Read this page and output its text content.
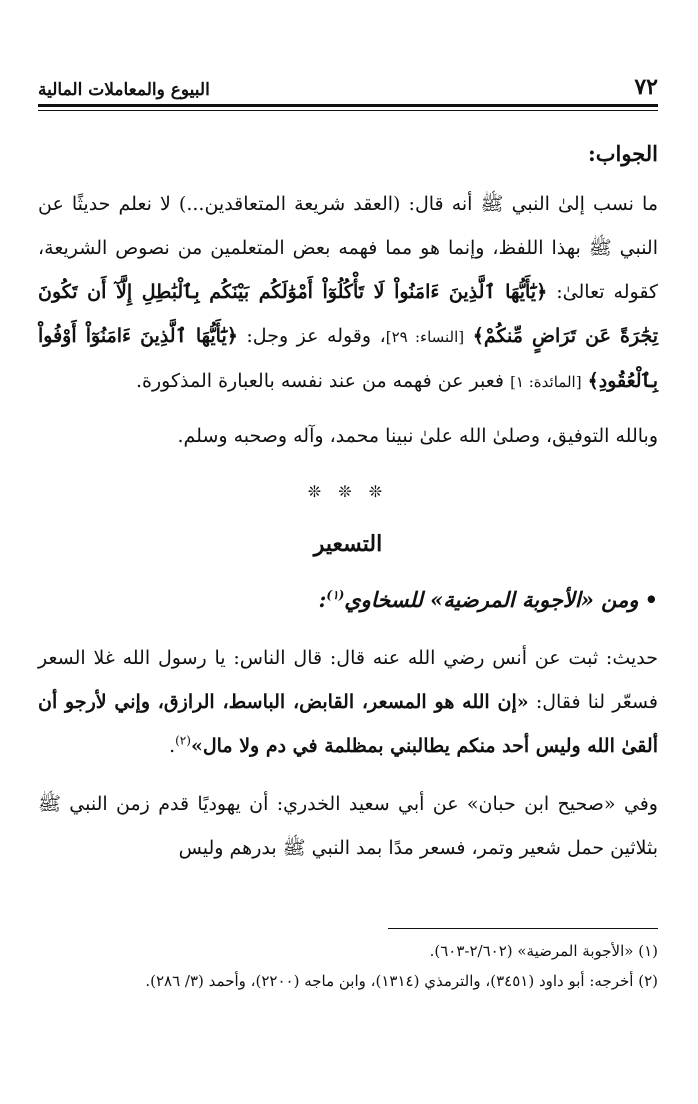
٧٢
البيوع والمعاملات المالية
الجواب:

ما نسب إلىٰ النبي ﷺ أنه قال: (العقد شريعة المتعاقدين...) لا نعلم حديثًا عن النبي ﷺ بهذا اللفظ، وإنما هو مما فهمه بعض المتعلمين من نصوص الشريعة، كقوله تعالىٰ: ﴿يَٰٓأَيُّهَا ٱلَّذِينَ ءَامَنُواْ لَا تَأْكُلُوٓاْ أَمْوَٰلَكُم بَيْنَكُم بِٱلْبَٰطِلِ إِلَّآ أَن تَكُونَ تِجَٰرَةً عَن تَرَاضٍ مِّنكُمْ﴾ [النساء: ٢٩]، وقوله عز وجل: ﴿يَٰٓأَيُّهَا ٱلَّذِينَ ءَامَنُوٓاْ أَوْفُواْ بِٱلْعُقُودِ﴾ [المائدة: ١] فعبر عن فهمه من عند نفسه بالعبارة المذكورة.

وبالله التوفيق، وصلىٰ الله علىٰ نبينا محمد، وآله وصحبه وسلم.

❊ ❊ ❊
التسعير
•ومن «الأجوبة المرضية» للسخاوي$^{(١)}$:

حديث: ثبت عن أنس رضي الله عنه قال: قال الناس: يا رسول الله غلا السعر فسعّر لنا فقال: «إن الله هو المسعر، القابض، الباسط، الرازق، وإني لأرجو أن ألقىٰ الله وليس أحد منكم يطالبني بمظلمة في دم ولا مال»$^{(٢)}$.

وفي «صحيح ابن حبان» عن أبي سعيد الخدري: أن يهوديًا قدم زمن النبي ﷺ بثلاثين حمل شعير وتمر، فسعر مدًا بمد النبي ﷺ بدرهم وليس

(١) «الأجوبة المرضية» (٢/٦٠٢-٦٠٣).
(٢) أخرجه: أبو داود (٣٤٥١)، والترمذي (١٣١٤)، وابن ماجه (٢٢٠٠)، وأحمد (٣/ ٢٨٦).
